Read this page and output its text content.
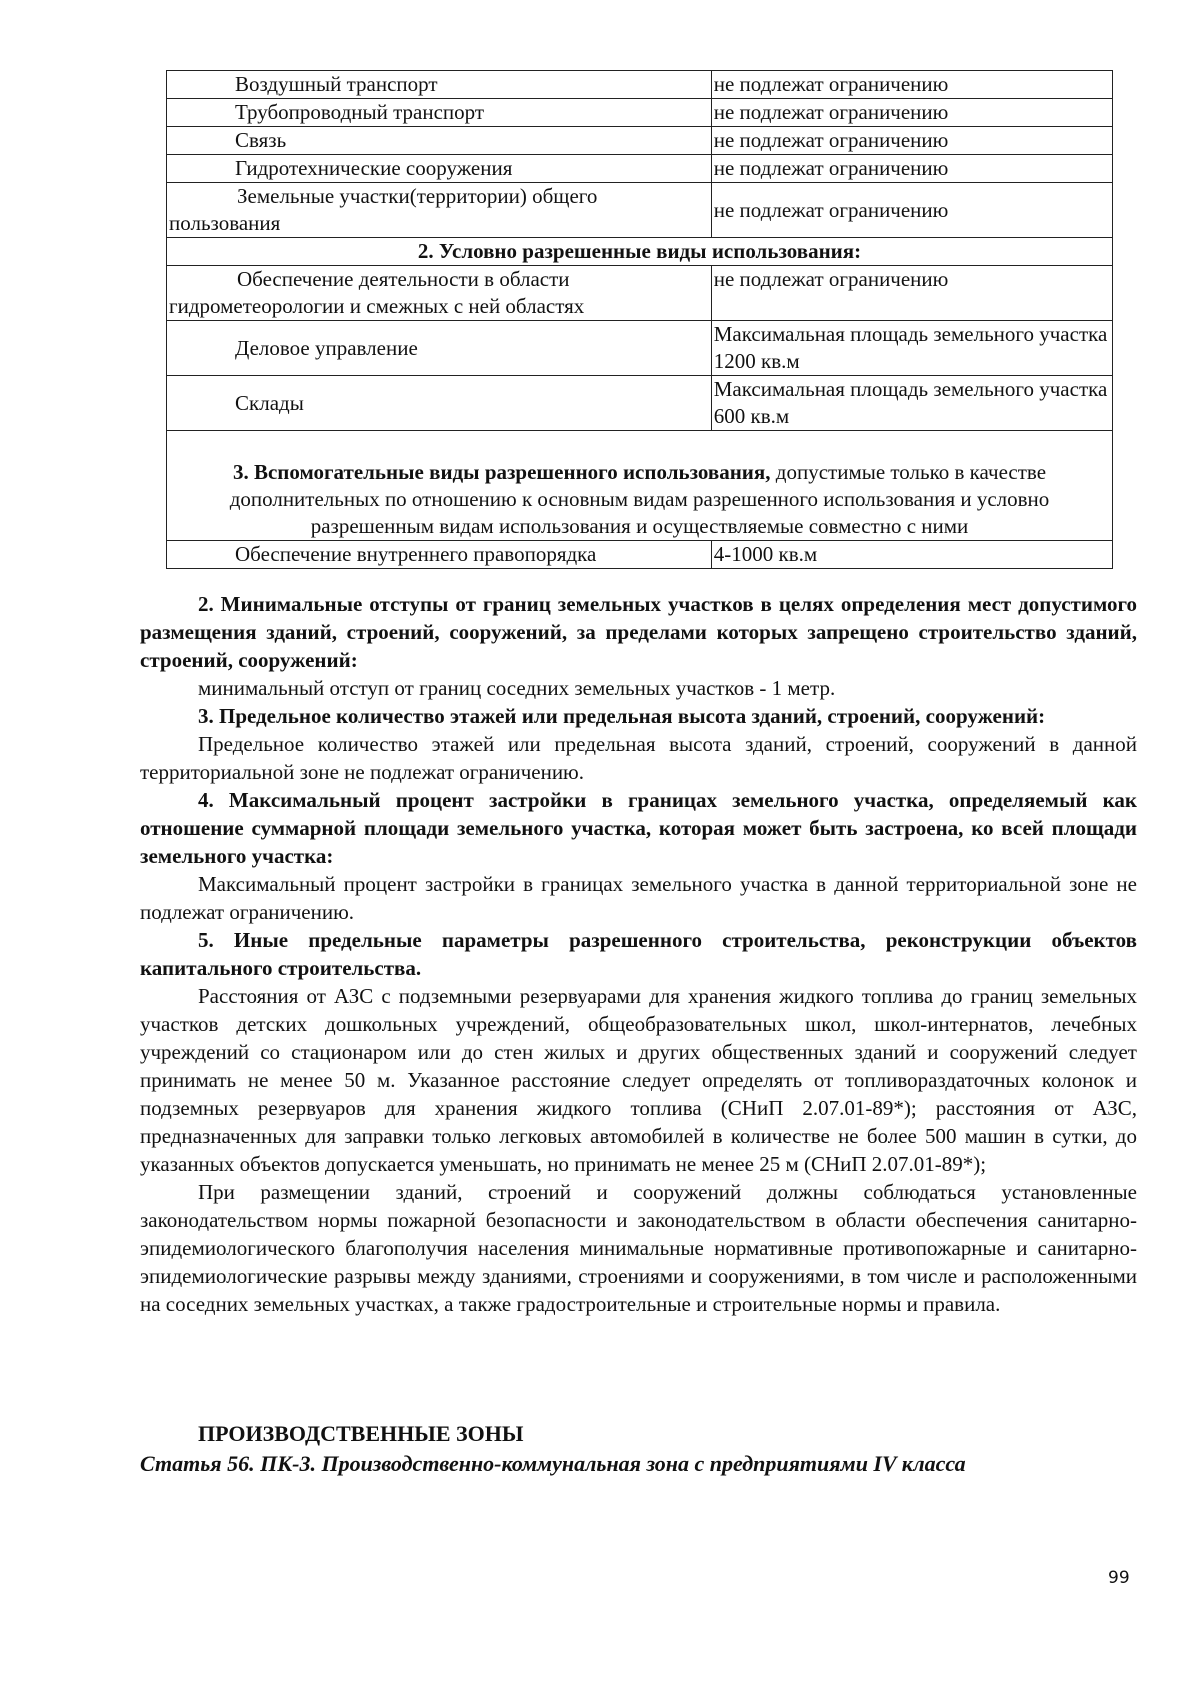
Воздушный транспорт	не подлежат ограничению
Трубопроводный транспорт	не подлежат ограничению
Связь	не подлежат ограничению
Гидротехнические сооружения	не подлежат ограничению
Земельные участки(территории) общего пользования	не подлежат ограничению
2. Условно разрешенные виды использования:	
Обеспечение деятельности в области гидрометеорологии и смежных с ней областях	не подлежат ограничению
Деловое управление	Максимальная площадь земельного участка 1200 кв.м
Склады	Максимальная площадь земельного участка 600 кв.м
3. Вспомогательные виды разрешенного использования, допустимые только в качестве дополнительных по отношению к основным видам разрешенного использования и условно разрешенным видам использования и осуществляемые совместно с ними	
Обеспечение внутреннего правопорядка	4-1000 кв.м

2. Минимальные отступы от границ земельных участков в целях определения мест допустимого размещения зданий, строений, сооружений, за пределами которых запрещено строительство зданий, строений, сооружений:

минимальный отступ от границ соседних земельных участков - 1 метр.

3. Предельное количество этажей или предельная высота зданий, строений, сооружений:

Предельное количество этажей или предельная высота зданий, строений, сооружений в данной территориальной зоне не подлежат ограничению.

4. Максимальный процент застройки в границах земельного участка, определяемый как отношение суммарной площади земельного участка, которая может быть застроена, ко всей площади земельного участка:

Максимальный процент застройки в границах земельного участка в данной территориальной зоне не подлежат ограничению.

5. Иные предельные параметры разрешенного строительства, реконструкции объектов капитального строительства.

Расстояния от АЗС с подземными резервуарами для хранения жидкого топлива до границ земельных участков детских дошкольных учреждений, общеобразовательных школ, школ-интернатов, лечебных учреждений со стационаром или до стен жилых и других общественных зданий и сооружений следует принимать не менее 50 м. Указанное расстояние следует определять от топливораздаточных колонок и подземных резервуаров для хранения жидкого топлива (СНиП 2.07.01-89*); расстояния от АЗС, предназначенных для заправки только легковых автомобилей в количестве не более 500 машин в сутки, до указанных объектов допускается уменьшать, но принимать не менее 25 м (СНиП 2.07.01-89*);

При размещении зданий, строений и сооружений должны соблюдаться установленные законодательством нормы пожарной безопасности и законодательством в области обеспечения санитарно-эпидемиологического благополучия населения минимальные нормативные противопожарные и санитарно-эпидемиологические разрывы между зданиями, строениями и сооружениями, в том числе и расположенными на соседних земельных участках, а также градостроительные и строительные нормы и правила.

ПРОИЗВОДСТВЕННЫЕ ЗОНЫ
Статья 56. ПК-3. Производственно-коммунальная зона с предприятиями IV класса
99
